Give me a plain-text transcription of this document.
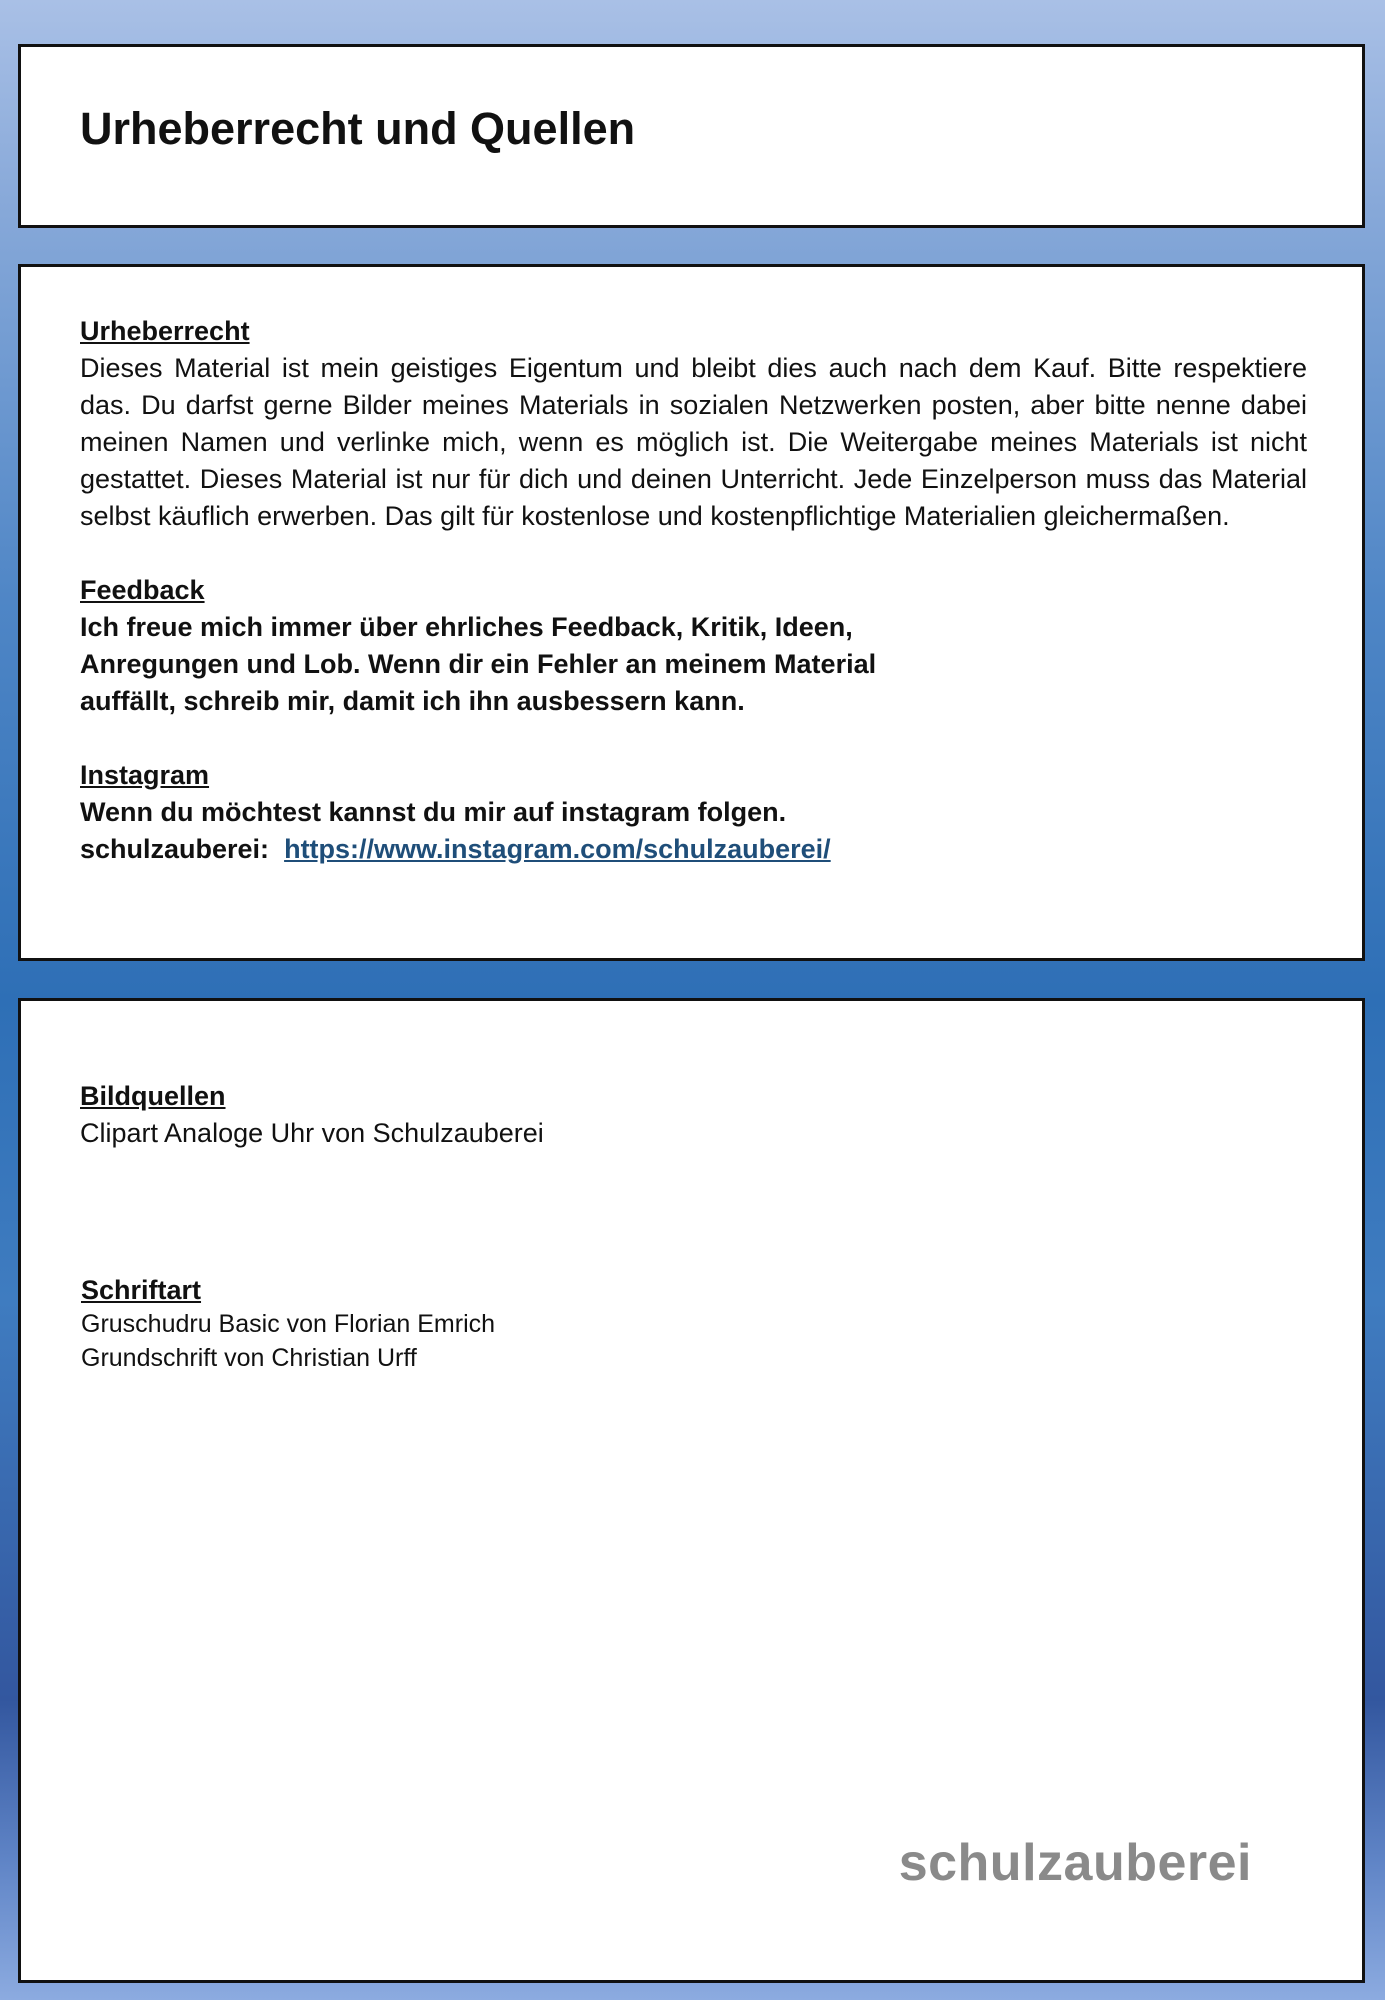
Urheberrecht und Quellen
Urheberrecht

Dieses Material ist mein geistiges Eigentum und bleibt dies auch nach dem Kauf. Bitte respektiere das. Du darfst gerne Bilder meines Materials in sozialen Netzwerken posten, aber bitte nenne dabei meinen Namen und verlinke mich, wenn es möglich ist. Die Weitergabe meines Materials ist nicht gestattet. Dieses Material ist nur für dich und deinen Unterricht. Jede Einzelperson muss das Material selbst käuflich erwerben. Das gilt für kostenlose und kostenpflichtige Materialien gleichermaßen.

Feedback

Ich freue mich immer über ehrliches Feedback, Kritik, Ideen,

Anregungen und Lob. Wenn dir ein Fehler an meinem Material

auffällt, schreib mir, damit ich ihn ausbessern kann.

Instagram

Wenn du möchtest kannst du mir auf instagram folgen.

schulzauberei: https://www.instagram.com/schulzauberei/

Bildquellen
Clipart Analoge Uhr von Schulzauberei
Schriftart
Gruschudru Basic von Florian Emrich
Grundschrift von Christian Urff
schulzauberei
